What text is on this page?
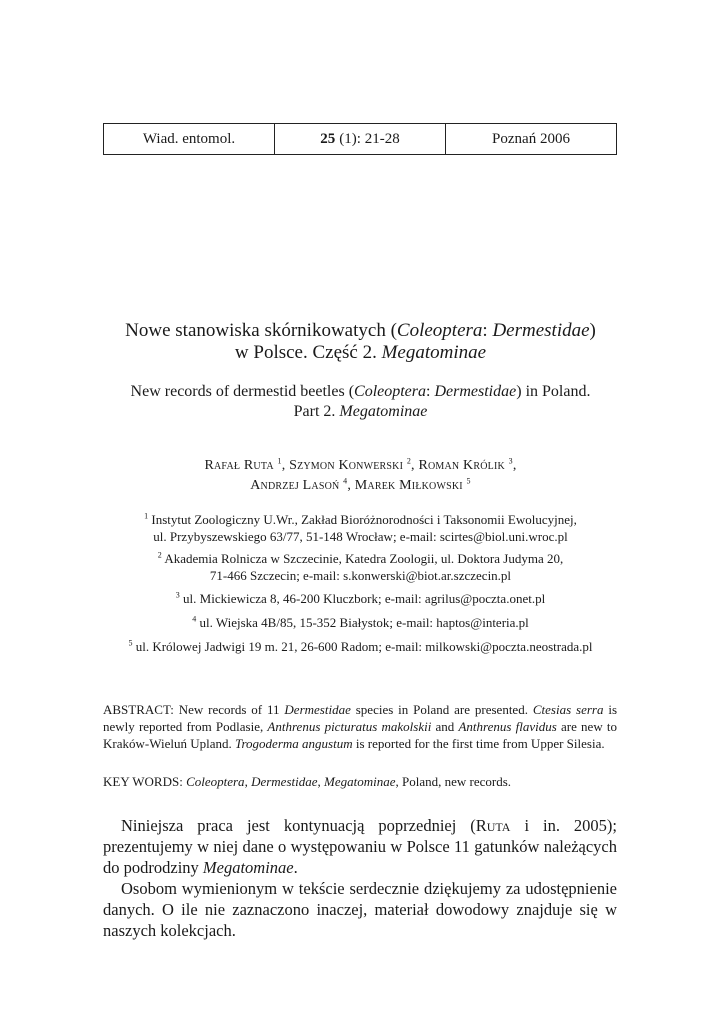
Wiad. entomol.	25 (1): 21-28	Poznań 2006
Nowe stanowiska skórnikowatych (Coleoptera: Dermestidae)
w Polsce. Część 2. Megatominae
New records of dermestid beetles (Coleoptera: Dermestidae) in Poland.
Part 2. Megatominae
Rafał Ruta $^1$, Szymon Konwerski $^2$, Roman Królik $^3$,
Andrzej Lasoń $^4$, Marek Miłkowski $^5$
$^1$ Instytut Zoologiczny U.Wr., Zakład Bioróżnorodności i Taksonomii Ewolucyjnej,
ul. Przybyszewskiego 63/77, 51-148 Wrocław; e-mail: scirtes@biol.uni.wroc.pl
$^2$ Akademia Rolnicza w Szczecinie, Katedra Zoologii, ul. Doktora Judyma 20,
71-466 Szczecin; e-mail: s.konwerski@biot.ar.szczecin.pl
$^3$ ul. Mickiewicza 8, 46-200 Kluczbork; e-mail: agrilus@poczta.onet.pl
$^4$ ul. Wiejska 4B/85, 15-352 Białystok; e-mail: haptos@interia.pl
$^5$ ul. Królowej Jadwigi 19 m. 21, 26-600 Radom; e-mail: milkowski@poczta.neostrada.pl
ABSTRACT: New records of 11 Dermestidae species in Poland are presented. Ctesias serra is newly reported from Podlasie, Anthrenus picturatus makolskii and Anthrenus flavidus are new to Kraków-Wieluń Upland. Trogoderma angustum is reported for the first time from Upper Silesia.
KEY WORDS: Coleoptera, Dermestidae, Megatominae, Poland, new records.

Niniejsza praca jest kontynuacją poprzedniej (Ruta i in. 2005); prezentujemy w niej dane o występowaniu w Polsce 11 gatunków należących do podrodziny Megatominae.

Osobom wymienionym w tekście serdecznie dziękujemy za udostępnienie danych. O ile nie zaznaczono inaczej, materiał dowodowy znajduje się w naszych kolekcjach.
